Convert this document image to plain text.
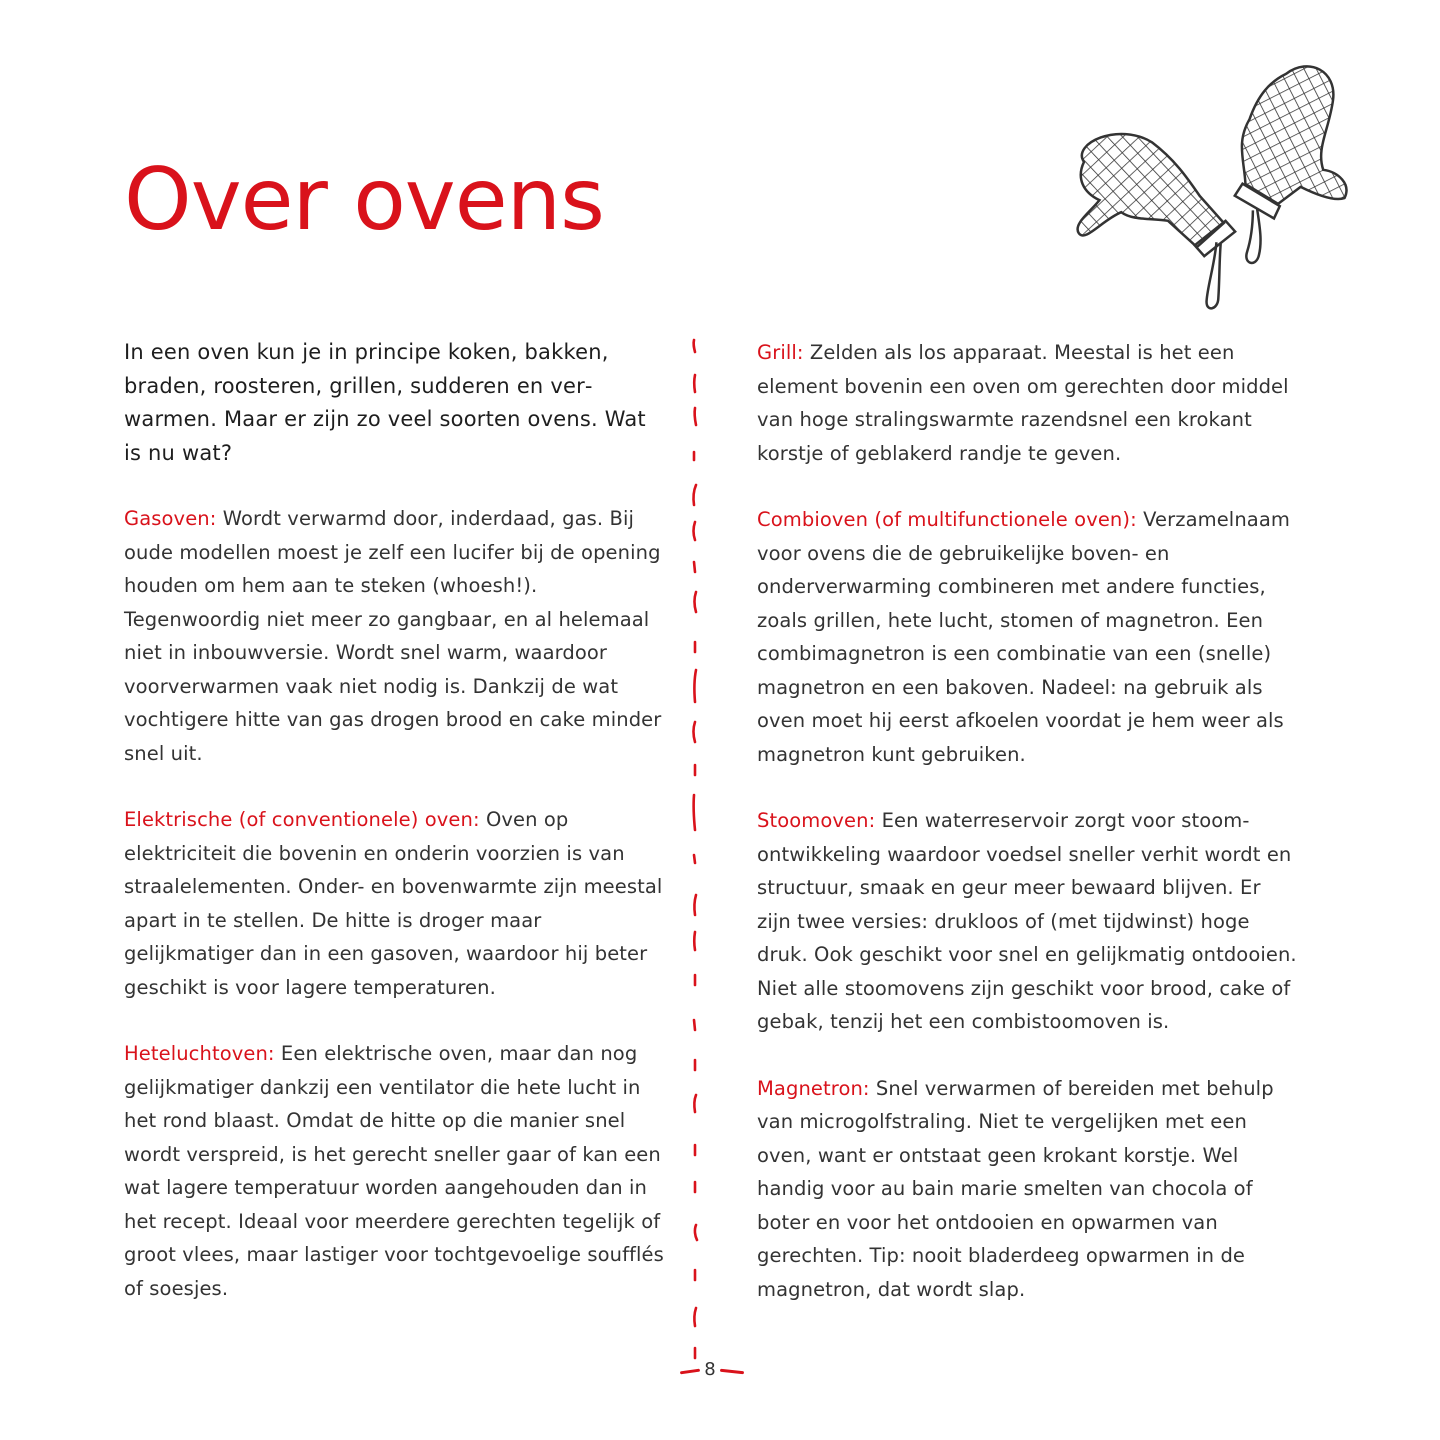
Over ovens

In een oven kun je in principe koken, bakken, braden, roosteren, grillen, sudderen en verwarmen. Maar er zijn zo veel soorten ovens. Wat is nu wat?

Gasoven: Wordt verwarmd door, inderdaad, gas. Bij oude modellen moest je zelf een lucifer bij de opening houden om hem aan te steken (whoesh!). Tegenwoordig niet meer zo gangbaar, en al helemaal niet in inbouwversie. Wordt snel warm, waardoor voorverwarmen vaak niet nodig is. Dankzij de wat vochtigere hitte van gas drogen brood en cake minder snel uit.

Elektrische (of conventionele) oven: Oven op elektriciteit die bovenin en onderin voorzien is van straalelementen. Onder- en bovenwarmte zijn meestal apart in te stellen. De hitte is droger maar gelijkmatiger dan in een gasoven, waardoor hij beter geschikt is voor lagere temperaturen.

Heteluchtoven: Een elektrische oven, maar dan nog gelijkmatiger dankzij een ventilator die hete lucht in het rond blaast. Omdat de hitte op die manier snel wordt verspreid, is het gerecht sneller gaar of kan een wat lagere temperatuur worden aangehouden dan in het recept. Ideaal voor meerdere gerechten tegelijk of groot vlees, maar lastiger voor tochtgevoelige soufflés of soesjes.

Grill: Zelden als los apparaat. Meestal is het een element bovenin een oven om gerechten door middel van hoge stralingswarmte razendsnel een krokant korstje of geblakerd randje te geven.

Combioven (of multifunctionele oven): Verzamelnaam voor ovens die de gebruikelijke boven- en onderverwarming combineren met andere functies, zoals grillen, hete lucht, stomen of magnetron. Een combimagnetron is een combinatie van een (snelle) magnetron en een bakoven. Nadeel: na gebruik als oven moet hij eerst afkoelen voordat je hem weer als magnetron kunt gebruiken.

Stoomoven: Een waterreservoir zorgt voor stoomontwikkeling waardoor voedsel sneller verhit wordt en structuur, smaak en geur meer bewaard blijven. Er zijn twee versies: drukloos of (met tijdwinst) hoge druk. Ook geschikt voor snel en gelijkmatig ontdooien. Niet alle stoomovens zijn geschikt voor brood, cake of gebak, tenzij het een combistoomoven is.

Magnetron: Snel verwarmen of bereiden met behulp van microgolfstraling. Niet te vergelijken met een oven, want er ontstaat geen krokant korstje. Wel handig voor au bain marie smelten van chocola of boter en voor het ontdooien en opwarmen van gerechten. Tip: nooit bladerdeeg opwarmen in de magnetron, dat wordt slap.

8
